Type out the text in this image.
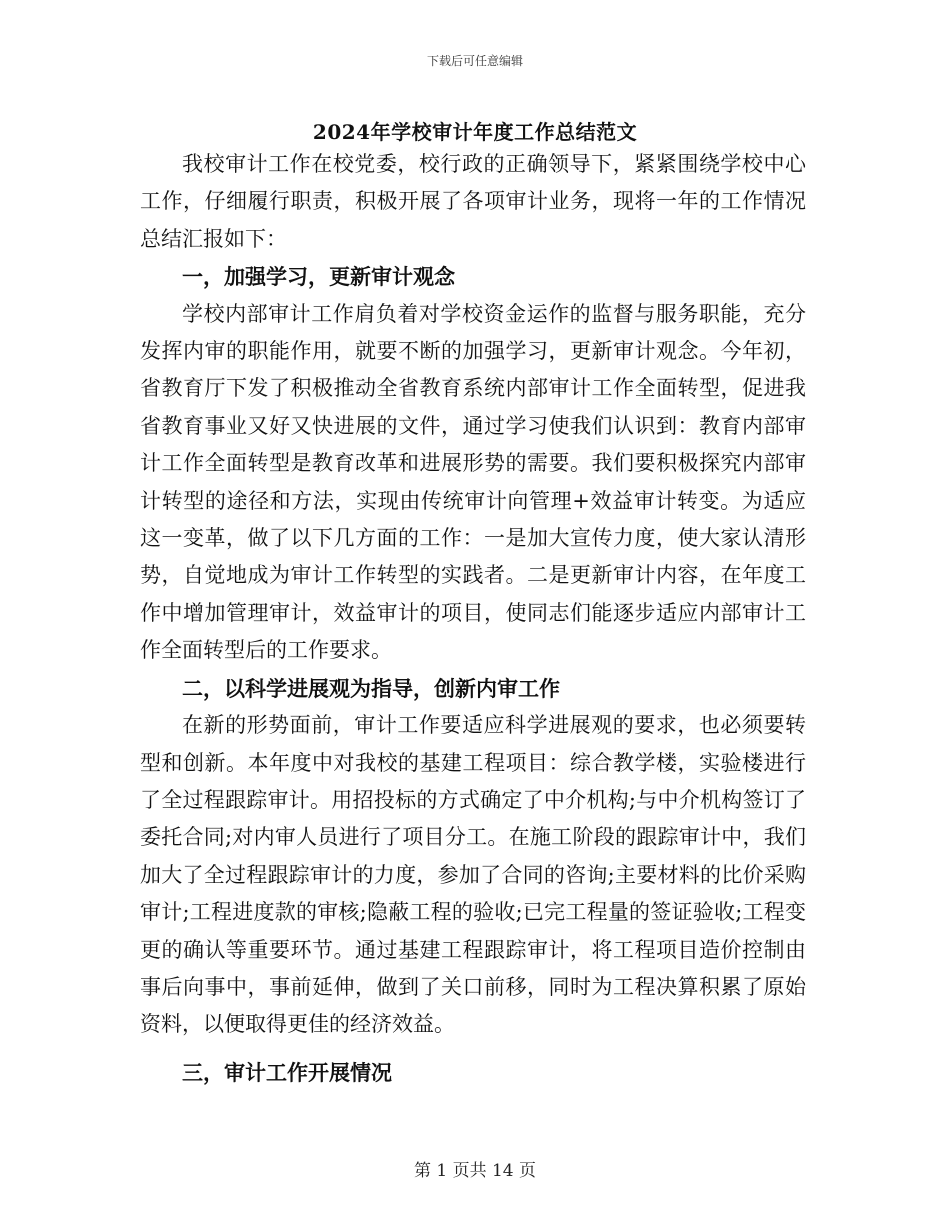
下载后可任意编辑
2024年学校审计年度工作总结范文

我校审计工作在校党委，校行政的正确领导下，紧紧围绕学校中心工作，仔细履行职责，积极开展了各项审计业务，现将一年的工作情况总结汇报如下：

一，加强学习，更新审计观念

学校内部审计工作肩负着对学校资金运作的监督与服务职能，充分发挥内审的职能作用，就要不断的加强学习，更新审计观念。今年初，省教育厅下发了积极推动全省教育系统内部审计工作全面转型，促进我省教育事业又好又快进展的文件，通过学习使我们认识到：教育内部审计工作全面转型是教育改革和进展形势的需要。我们要积极探究内部审计转型的途径和方法，实现由传统审计向管理+效益审计转变。为适应这一变革，做了以下几方面的工作：一是加大宣传力度，使大家认清形势，自觉地成为审计工作转型的实践者。二是更新审计内容，在年度工作中增加管理审计，效益审计的项目，使同志们能逐步适应内部审计工作全面转型后的工作要求。

二，以科学进展观为指导，创新内审工作

在新的形势面前，审计工作要适应科学进展观的要求，也必须要转型和创新。本年度中对我校的基建工程项目：综合教学楼，实验楼进行了全过程跟踪审计。用招投标的方式确定了中介机构;与中介机构签订了委托合同;对内审人员进行了项目分工。在施工阶段的跟踪审计中，我们加大了全过程跟踪审计的力度，参加了合同的咨询;主要材料的比价采购审计;工程进度款的审核;隐蔽工程的验收;已完工程量的签证验收;工程变更的确认等重要环节。通过基建工程跟踪审计，将工程项目造价控制由事后向事中，事前延伸，做到了关口前移，同时为工程决算积累了原始资料，以便取得更佳的经济效益。

三，审计工作开展情况

第 1 页共 14 页
